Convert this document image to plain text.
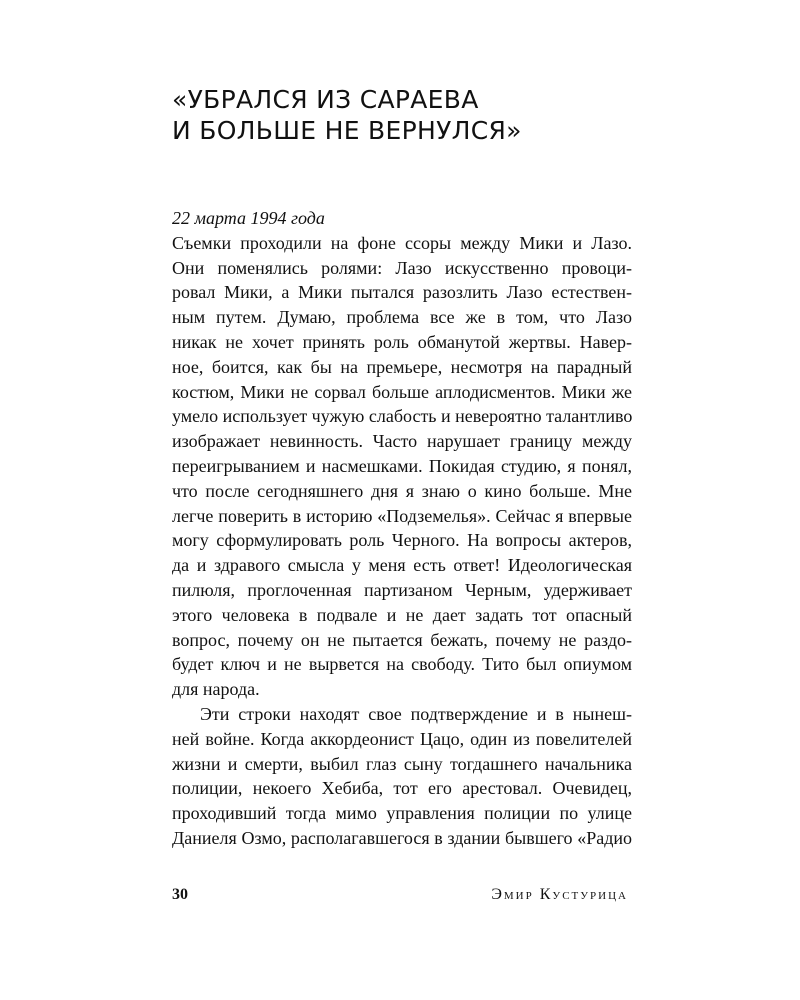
«УБРАЛСЯ ИЗ САРАЕВА
И БОЛЬШЕ НЕ ВЕРНУЛСЯ»
22 марта 1994 года
Съемки проходили на фоне ссоры между Мики и Лазо.
Они поменялись ролями: Лазо искусственно провоци-
ровал Мики, а Мики пытался разозлить Лазо естествен-
ным путем. Думаю, проблема все же в том, что Лазо
никак не хочет принять роль обманутой жертвы. Навер-
ное, боится, как бы на премьере, несмотря на парадный
костюм, Мики не сорвал больше аплодисментов. Мики же
умело использует чужую слабость и невероятно талантливо
изображает невинность. Часто нарушает границу между
переигрыванием и насмешками. Покидая студию, я понял,
что после сегодняшнего дня я знаю о кино больше. Мне
легче поверить в историю «Подземелья». Сейчас я впервые
могу сформулировать роль Черного. На вопросы актеров,
да и здравого смысла у меня есть ответ! Идеологическая
пилюля, проглоченная партизаном Черным, удерживает
этого человека в подвале и не дает задать тот опасный
вопрос, почему он не пытается бежать, почему не раздо-
будет ключ и не вырвется на свободу. Тито был опиумом
для народа.
Эти строки находят свое подтверждение и в нынеш-
ней войне. Когда аккордеонист Цацо, один из повелителей
жизни и смерти, выбил глаз сыну тогдашнего начальника
полиции, некоего Хебиба, тот его арестовал. Очевидец,
проходивший тогда мимо управления полиции по улице
Даниеля Озмо, располагавшегося в здании бывшего «Радио
30	Эмир Кустурица
